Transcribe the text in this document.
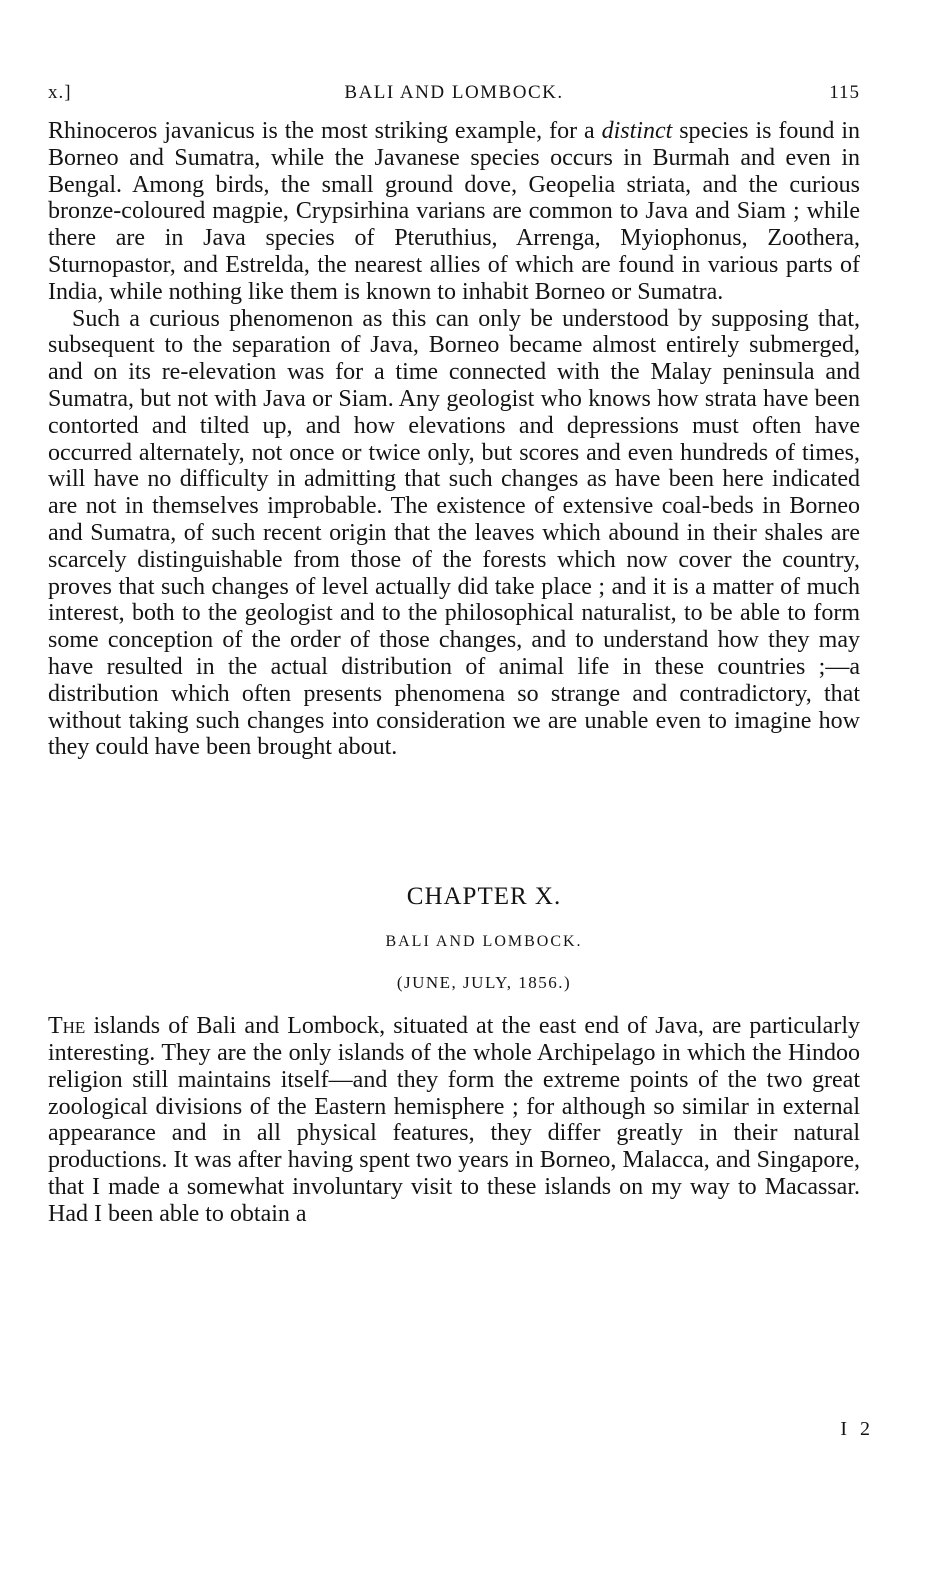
x.]	BALI AND LOMBOCK.	115

Rhinoceros javanicus is the most striking example, for a distinct species is found in Borneo and Sumatra, while the Javanese species occurs in Burmah and even in Bengal. Among birds, the small ground dove, Geopelia striata, and the curious bronze-coloured magpie, Crypsirhina varians are common to Java and Siam ; while there are in Java species of Pteruthius, Arrenga, Myiophonus, Zoothera, Sturnopastor, and Estrelda, the nearest allies of which are found in various parts of India, while nothing like them is known to inhabit Borneo or Sumatra.

Such a curious phenomenon as this can only be understood by supposing that, subsequent to the separation of Java, Borneo became almost entirely submerged, and on its re-elevation was for a time connected with the Malay peninsula and Sumatra, but not with Java or Siam. Any geologist who knows how strata have been contorted and tilted up, and how elevations and depressions must often have occurred alternately, not once or twice only, but scores and even hundreds of times, will have no difficulty in admitting that such changes as have been here indicated are not in themselves improbable. The existence of extensive coal-beds in Borneo and Sumatra, of such recent origin that the leaves which abound in their shales are scarcely distinguishable from those of the forests which now cover the country, proves that such changes of level actually did take place ; and it is a matter of much interest, both to the geologist and to the philosophical naturalist, to be able to form some conception of the order of those changes, and to understand how they may have resulted in the actual distribution of animal life in these countries ;—a distribution which often presents phenomena so strange and contradictory, that without taking such changes into consideration we are unable even to imagine how they could have been brought about.

CHAPTER X.
BALI AND LOMBOCK.
(JUNE, JULY, 1856.)

The islands of Bali and Lombock, situated at the east end of Java, are particularly interesting. They are the only islands of the whole Archipelago in which the Hindoo religion still maintains itself—and they form the extreme points of the two great zoological divisions of the Eastern hemisphere ; for although so similar in external appearance and in all physical features, they differ greatly in their natural productions. It was after having spent two years in Borneo, Malacca, and Singapore, that I made a somewhat involuntary visit to these islands on my way to Macassar. Had I been able to obtain a

I 2
